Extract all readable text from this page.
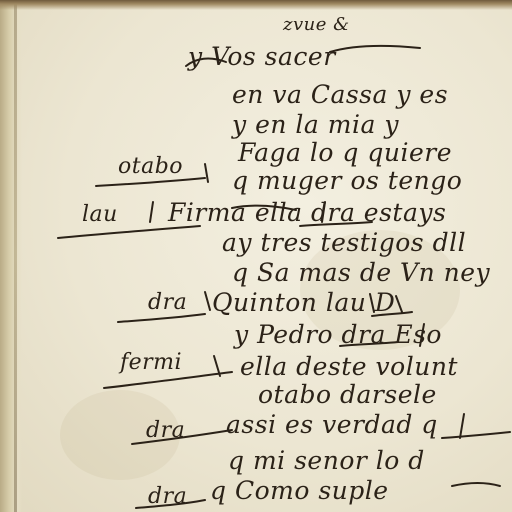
zvue &
y Vos sacer
en va Cassa y es
y en la mia y
Faga lo q quiere
q muger os tengo
Firma ella dra estays
ay tres testigos dll
q Sa mas de Vn ney
Quinton lau D
y Pedro dra Eso
ella deste volunt
otabo darsele
assi es verdad q
q mi senor lo d
q Como suple
otabo
lau
dra
fermi
dra
dra
